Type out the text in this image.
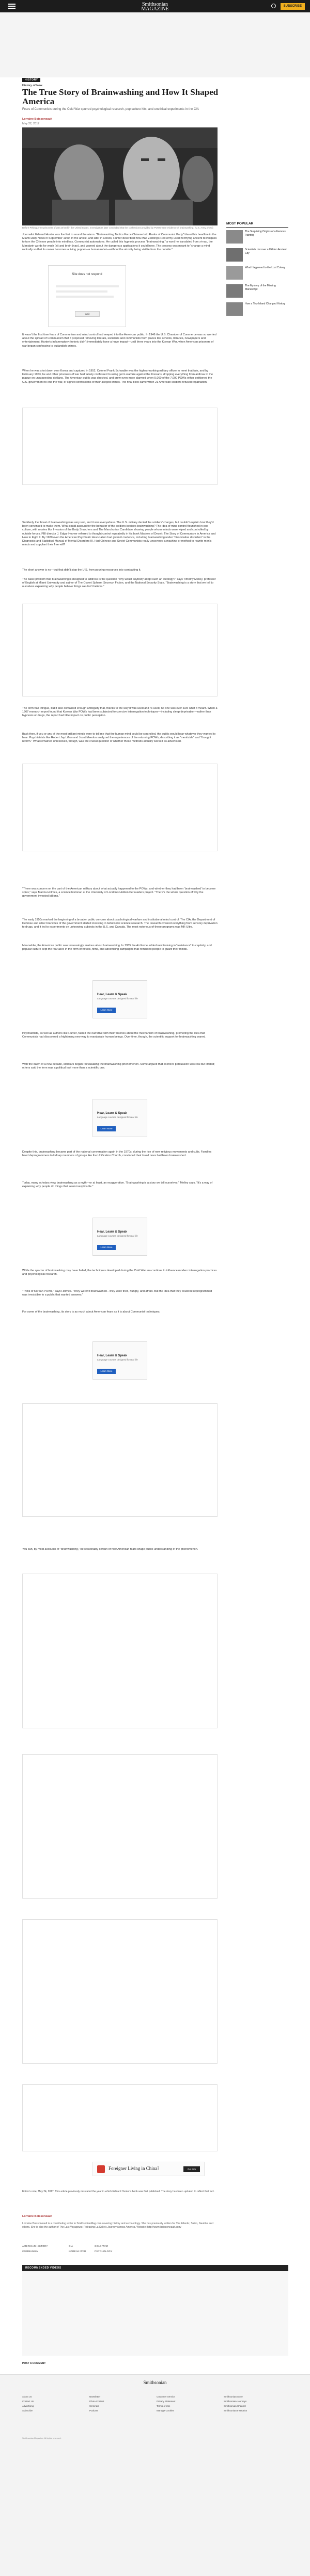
Smithsonian
MAGAZINE	SUBSCRIBE
HISTORY
History of Now
The True Story of Brainwashing and How It Shaped America
Fears of Communists during the Cold War spurred psychological research, pop culture hits, and unethical experiments in the CIA
Lorraine Boissoneault
May 22, 2017
Before Peking Army prisoners of war arrived in the United States. Investigators later concluded that the confessions provided by POWs were evidence of brainwashing. (U.S. Army photo)

Journalist Edward Hunter was the first to sound the alarm. "Brainwashing Tactics Force Chinese Into Ranks of Communist Party" blared his headline in the Miami Daily News in September 1950. In the article, and later in a book, Hunter described how Mao Zedong's Red Army used horrifying ancient techniques to turn the Chinese people into mindless, Communist automatons. He called this hypnotic process "brainwashing," a word he translated from xi-nao, the Mandarin words for wash (xi) and brain (nao), and warned about the dangerous applications it could have. The process was meant to "change a mind radically so that its owner becomes a living puppet—a human robot—without the atrocity being visible from the outside."

Site does not respond
Wait

It wasn't the first time fears of Communism and mind control had seeped into the American public. In 1946 the U.S. Chamber of Commerce was so worried about the spread of Communism that it proposed removing liberals, socialists and communists from places like schools, libraries, newspapers and entertainment. Hunter's inflammatory rhetoric didn't immediately have a huge impact—until three years into the Korean War, when American prisoners of war began confessing to outlandish crimes.

When he was shot down over Korea and captured in 1952, Colonel Frank Schwable was the highest-ranking military officer to meet that fate, and by February 1953, he and other prisoners of war had falsely confessed to using germ warfare against the Koreans, dropping everything from anthrax to the plague on unsuspecting civilians. The American public was shocked, and grew even more alarmed when 5,000 of the 7,000 POWs either petitioned the U.S. government to end the war, or signed confessions of their alleged crimes. The final blow came when 21 American soldiers refused repatriation.

Suddenly the threat of brainwashing was very real, and it was everywhere. The U.S. military denied the soldiers' charges, but couldn't explain how they'd been convinced to make them. What could account for the behavior of the soldiers besides brainwashing? The idea of mind control flourished in pop culture, with movies like Invasion of the Body Snatchers and The Manchurian Candidate showing people whose minds were wiped and controlled by outside forces. FBI director J. Edgar Hoover referred to thought control repeatedly in his book Masters of Deceit: The Story of Communism in America and How to Fight It. By 1980 even the American Psychiatric Association had given it credence, including brainwashing under "dissociative disorders" in the Diagnostic and Statistical Manual of Mental Disorders-III. Had Chinese and Soviet Communists really uncovered a machine or method to rewrite men's minds and supplant their free will?

The short answer is no—but that didn't stop the U.S. from pouring resources into combatting it.

The basic problem that brainwashing is designed to address is the question "why would anybody adopt such an ideology?" says Timothy Melley, professor of English at Miami University and author of The Covert Sphere: Secrecy, Fiction, and the National Security State. "Brainwashing is a story that we tell to ourselves explaining why people believe things we don't believe."

The term had intrigue, but it also contained enough ambiguity that, thanks to the way it was used and re-used, no one was ever sure what it meant. When a 1967 research report found that Korean War POWs had been subjected to coercive interrogation techniques—including sleep deprivation—rather than hypnosis or drugs, the report had little impact on public perception.

Back then, if you or any of the most brilliant minds were to tell me that the human mind could be controlled, the public would hear whatever they wanted to hear. Psychiatrists like Robert Jay Lifton and Joost Meerloo analyzed the experiences of the returning POWs, describing it as "menticide" and "thought reform." What remained unresolved, though, was the crucial question of whether these methods actually worked as advertised.

"There was concern on the part of the American military about what actually happened to the POWs, and whether they had been 'brainwashed' to become spies," says Marcia Holmes, a science historian at the University of London's Hidden Persuaders project. "There's the whole question of why the government invested billions."

The early 1950s marked the beginning of a broader public concern about psychological warfare and institutional mind control. The CIA, the Department of Defense and other branches of the government started investing in behavioral science research. The research covered everything from sensory deprivation to drugs, and it led to experiments on unknowing subjects in the U.S. and Canada. The most notorious of these programs was MK-Ultra.

Meanwhile, the American public was increasingly anxious about brainwashing. In 1955 the Air Force added new training in "resistance" to captivity, and popular culture kept the fear alive in the form of novels, films, and advertising campaigns that reminded people to guard their minds.

Hear, Learn & Speak
Language courses designed for real life
Learn More

Psychiatrists, as well as authors like Hunter, fueled the narrative with their theories about the mechanism of brainwashing, promoting the idea that Communists had discovered a frightening new way to manipulate human beings. Over time, though, the scientific support for brainwashing waned.

With the dawn of a new decade, scholars began reevaluating the brainwashing phenomenon. Some argued that coercive persuasion was real but limited; others said the term was a political tool more than a scientific one.

Hear, Learn & Speak
Language courses designed for real life
Learn More

Despite this, brainwashing became part of the national conversation again in the 1970s, during the rise of new religious movements and cults. Families hired deprogrammers to kidnap members of groups like the Unification Church, convinced their loved ones had been brainwashed.

Today, many scholars view brainwashing as a myth—or at least, an exaggeration. "Brainwashing is a story we tell ourselves," Melley says. "It's a way of explaining why people do things that seem inexplicable."

Hear, Learn & Speak
Language courses designed for real life
Learn More

While the specter of brainwashing may have faded, the techniques developed during the Cold War era continue to influence modern interrogation practices and psychological research.

"Think of Korean POWs," says Holmes. "They weren't brainwashed—they were tired, hungry, and afraid. But the idea that they could be reprogrammed was irresistible to a public that wanted answers."

For some of the brainwashing, its story is as much about American fears as it is about Communist techniques.

Hear, Learn & Speak
Language courses designed for real life
Learn More

You can, by most accounts of "brainwashing," be reasonably certain of how American fears shape public understanding of the phenomenon.

Foreigner Living in China?	Get Info

Editor's note, May 24, 2017: This article previously misstated the year in which Edward Hunter's book was first published. The story has been updated to reflect that fact.

Lorraine Boissoneault

Lorraine Boissoneault is a contributing writer to SmithsonianMag.com covering history and archaeology. She has previously written for The Atlantic, Salon, Nautilus and others. She is also the author of The Last Voyageurs: Retracing La Salle's Journey Across America. Website: http://www.lboissoneault.com/

AMERICAN HISTORY	CIA	COLD WAR
COMMUNISM	KOREAN WAR	PSYCHOLOGY
RECOMMENDED VIDEOS
POST A COMMENT
MOST POPULAR
The Surprising Origins of a Famous Painting
Scientists Uncover a Hidden Ancient City
What Happened to the Lost Colony
The Mystery of the Missing Manuscript
How a Tiny Island Changed History
Smithsonian
About Us
Contact Us
Advertising
Subscribe
Newsletter
Photo Contest
Seminars
Podcast
Customer Service
Privacy Statement
Terms of Use
Manage Cookies
Smithsonian Store
Smithsonian Journeys
Smithsonian Channel
Smithsonian Institution
Smithsonian Magazine. All rights reserved.
